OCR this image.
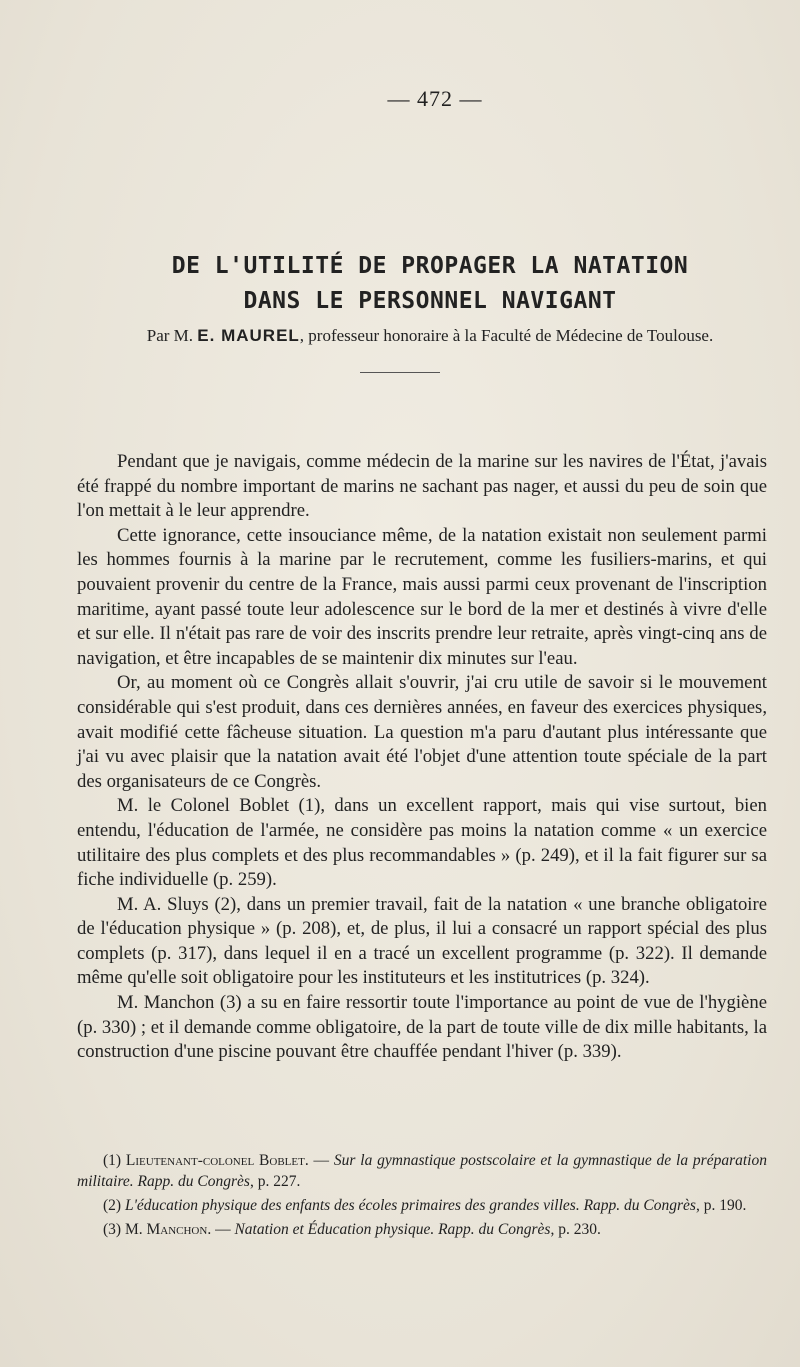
— 472 —
DE L'UTILITÉ DE PROPAGER LA NATATION
DANS LE PERSONNEL NAVIGANT
Par M. E. MAUREL, professeur honoraire à la Faculté de Médecine de Toulouse.

Pendant que je navigais, comme médecin de la marine sur les navires de l'État, j'avais été frappé du nombre important de marins ne sachant pas nager, et aussi du peu de soin que l'on mettait à le leur apprendre.

Cette ignorance, cette insouciance même, de la natation existait non seulement parmi les hommes fournis à la marine par le recrutement, comme les fusiliers-marins, et qui pouvaient provenir du centre de la France, mais aussi parmi ceux provenant de l'inscription maritime, ayant passé toute leur adolescence sur le bord de la mer et destinés à vivre d'elle et sur elle. Il n'était pas rare de voir des inscrits prendre leur retraite, après vingt-cinq ans de navigation, et être incapables de se maintenir dix minutes sur l'eau.

Or, au moment où ce Congrès allait s'ouvrir, j'ai cru utile de savoir si le mouvement considérable qui s'est produit, dans ces dernières années, en faveur des exercices physiques, avait modifié cette fâcheuse situation. La question m'a paru d'autant plus intéressante que j'ai vu avec plaisir que la natation avait été l'objet d'une attention toute spéciale de la part des organisateurs de ce Congrès.

M. le Colonel Boblet (1), dans un excellent rapport, mais qui vise surtout, bien entendu, l'éducation de l'armée, ne considère pas moins la natation comme « un exercice utilitaire des plus complets et des plus recommandables » (p. 249), et il la fait figurer sur sa fiche individuelle (p. 259).

M. A. Sluys (2), dans un premier travail, fait de la natation « une branche obligatoire de l'éducation physique » (p. 208), et, de plus, il lui a consacré un rapport spécial des plus complets (p. 317), dans lequel il en a tracé un excellent programme (p. 322). Il demande même qu'elle soit obligatoire pour les instituteurs et les institutrices (p. 324).

M. Manchon (3) a su en faire ressortir toute l'importance au point de vue de l'hygiène (p. 330) ; et il demande comme obligatoire, de la part de toute ville de dix mille habitants, la construction d'une piscine pouvant être chauffée pendant l'hiver (p. 339).

(1) Lieutenant-colonel Boblet. — Sur la gymnastique postscolaire et la gymnastique de la préparation militaire. Rapp. du Congrès, p. 227.

(2) L'éducation physique des enfants des écoles primaires des grandes villes. Rapp. du Congrès, p. 190.

(3) M. Manchon. — Natation et Éducation physique. Rapp. du Congrès, p. 230.
